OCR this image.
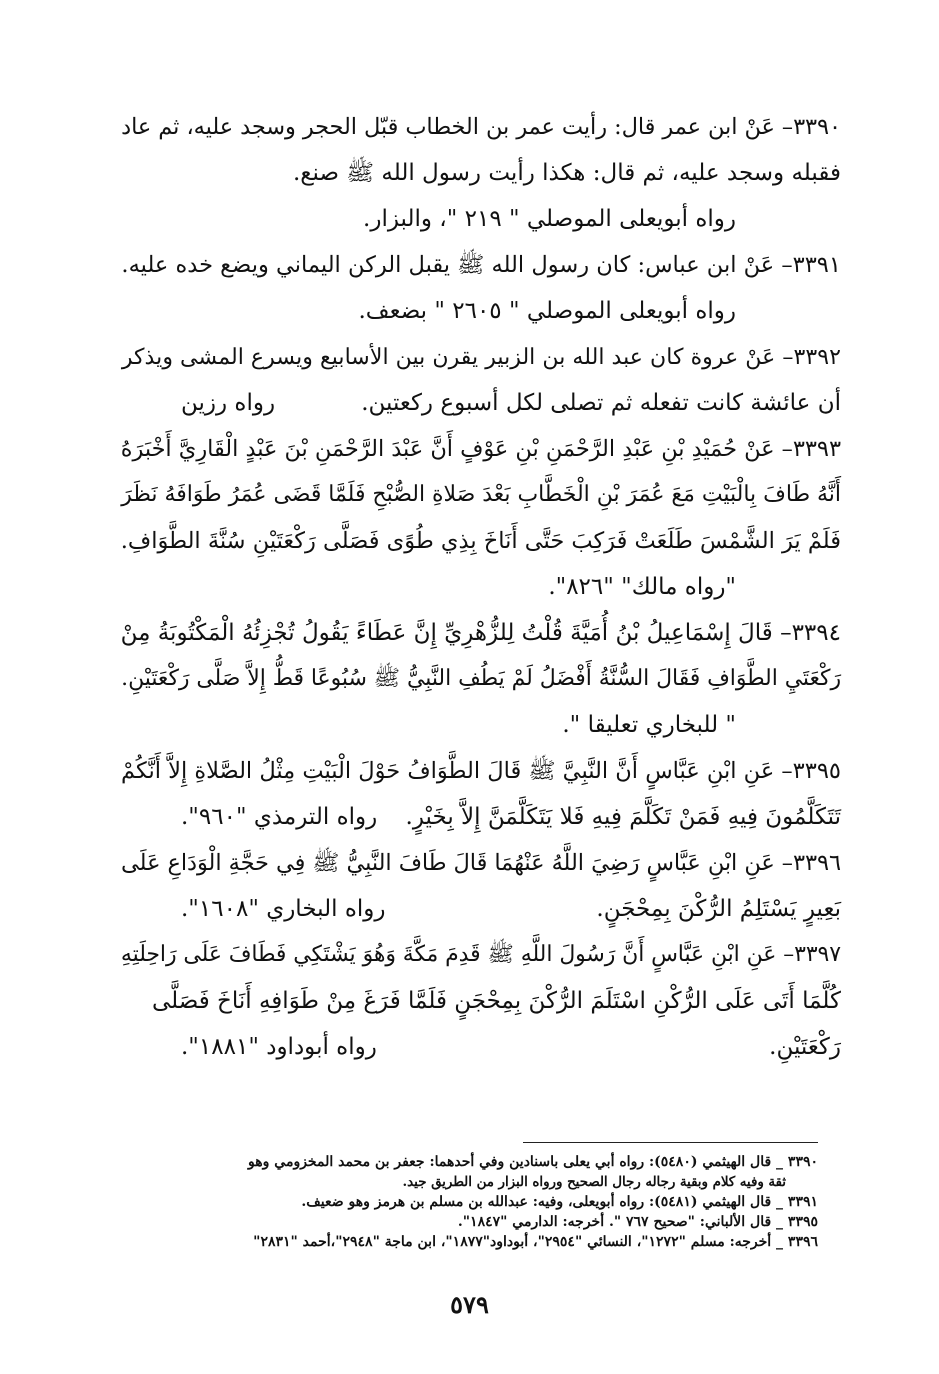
٣٣٩٠– عَنْ ابن عمر قال: رأيت عمر بن الخطاب قبّل الحجر وسجد عليه، ثم عاد

فقبله وسجد عليه، ثم قال: هكذا رأيت رسول الله ﷺ صنع.

رواه أبويعلى الموصلي " ٢١٩ "، والبزار.

٣٣٩١– عَنْ ابن عباس: كان رسول الله ﷺ يقبل الركن اليماني ويضع خده عليه.

رواه أبويعلى الموصلي " ٢٦٠٥ " بضعف.

٣٣٩٢– عَنْ عروة كان عبد الله بن الزبير يقرن بين الأسابيع ويسرع المشى ويذكر

أن عائشة كانت تفعله ثم تصلى لكل أسبوع ركعتين.
رواه رزين

٣٣٩٣– عَنْ حُمَيْدِ بْنِ عَبْدِ الرَّحْمَنِ بْنِ عَوْفٍ أَنَّ عَبْدَ الرَّحْمَنِ بْنَ عَبْدٍ الْقَارِيَّ أَخْبَرَهُ

أَنَّهُ طَافَ بِالْبَيْتِ مَعَ عُمَرَ بْنِ الْخَطَّابِ بَعْدَ صَلاةِ الصُّبْحِ فَلَمَّا قَضَى عُمَرُ طَوَافَهُ نَظَرَ

فَلَمْ يَرَ الشَّمْسَ طَلَعَتْ فَرَكِبَ حَتَّى أَنَاخَ بِذِي طُوًى فَصَلَّى رَكْعَتَيْنِ سُنَّةَ الطَّوَافِ.

"رواه مالك" "٨٢٦".

٣٣٩٤– قَالَ إِسْمَاعِيلُ بْنُ أُمَيَّةَ قُلْتُ لِلزُّهْرِيِّ إِنَّ عَطَاءً يَقُولُ تُجْزِئُهُ الْمَكْتُوبَةُ مِنْ

رَكْعَتَيِ الطَّوَافِ فَقَالَ السُّنَّةُ أَفْضَلُ لَمْ يَطُفِ النَّبِيُّ ﷺ سُبُوعًا قَطُّ إِلاَّ صَلَّى رَكْعَتَيْنِ.

" للبخاري تعليقا ".

٣٣٩٥– عَنِ ابْنِ عَبَّاسٍ أَنَّ النَّبِيَّ ﷺ قَالَ الطَّوَافُ حَوْلَ الْبَيْتِ مِثْلُ الصَّلاةِ إِلاَّ أَنَّكُمْ

تَتَكَلَّمُونَ فِيهِ فَمَنْ تَكَلَّمَ فِيهِ فَلا يَتَكَلَّمَنَّ إِلاَّ بِخَيْرٍ.
رواه الترمذي "٩٦٠".

٣٣٩٦– عَنِ ابْنِ عَبَّاسٍ رَضِيَ اللَّهُ عَنْهُمَا قَالَ طَافَ النَّبِيُّ ﷺ فِي حَجَّةِ الْوَدَاعِ عَلَى

بَعِيرٍ يَسْتَلِمُ الرُّكْنَ بِمِحْجَنٍ.
رواه البخاري "١٦٠٨".

٣٣٩٧– عَنِ ابْنِ عَبَّاسٍ أَنَّ رَسُولَ اللَّهِ ﷺ قَدِمَ مَكَّةَ وَهُوَ يَشْتَكِي فَطَافَ عَلَى رَاحِلَتِهِ

كُلَّمَا أَتَى عَلَى الرُّكْنِ اسْتَلَمَ الرُّكْنَ بِمِحْجَنٍ فَلَمَّا فَرَغَ مِنْ طَوَافِهِ أَنَاخَ فَصَلَّى

رَكْعَتَيْنِ.
رواه أبوداود "١٨٨١".

٣٣٩٠ _ قال الهيثمي (٥٤٨٠): رواه أبي يعلى باسنادين وفي أحدهما: جعفر بن محمد المخزومي وهو

ثقة وفيه كلام وبقية رجاله رجال الصحيح ورواه البزار من الطريق جيد.

٣٣٩١ _ قال الهيثمي (٥٤٨١): رواه أبويعلى، وفيه: عبدالله بن مسلم بن هرمز وهو ضعيف.

٣٣٩٥ _ قال الألباني: "صحيح ٧٦٧ ". أخرجه: الدارمي "١٨٤٧".

٣٣٩٦ _ أخرجه: مسلم "١٢٧٢"، النسائي "٢٩٥٤"، أبوداود"١٨٧٧"، ابن ماجة "٢٩٤٨"،أحمد "٢٨٣١"

٥٧٩
